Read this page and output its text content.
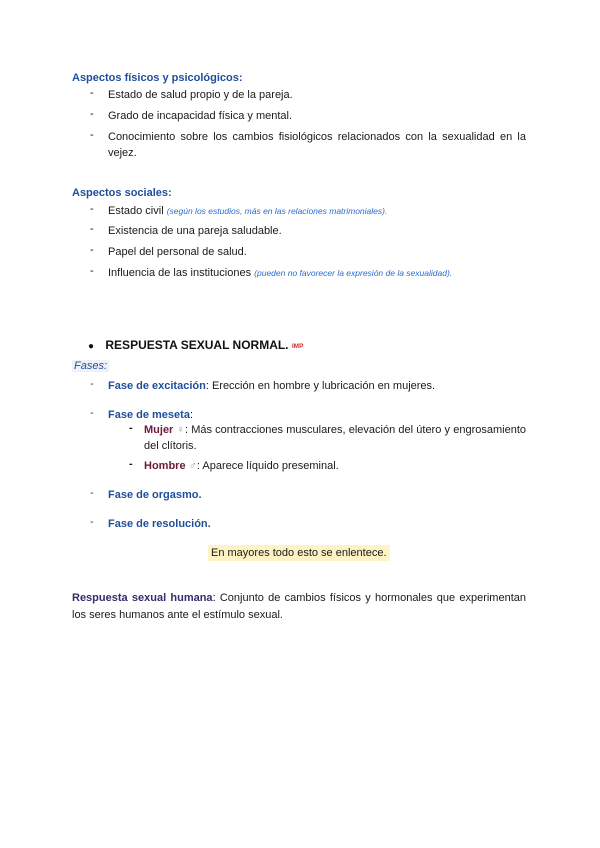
Aspectos físicos y psicológicos:
- Estado de salud propio y de la pareja.
- Grado de incapacidad física y mental.
- Conocimiento sobre los cambios fisiológicos relacionados con la sexualidad en la vejez.
Aspectos sociales:
- Estado civil (según los estudios, más en las relaciones matrimoniales).
- Existencia de una pareja saludable.
- Papel del personal de salud.
- Influencia de las instituciones (pueden no favorecer la expresión de la sexualidad).
● RESPUESTA SEXUAL NORMAL. IMP
Fases:
- Fase de excitación: Erección en hombre y lubricación en mujeres.
- Fase de meseta:
- Mujer ♀: Más contracciones musculares, elevación del útero y engrosamiento del clítoris.
- Hombre ♂: Aparece líquido preseminal.
- Fase de orgasmo.
- Fase de resolución.
En mayores todo esto se enlentece.
Respuesta sexual humana: Conjunto de cambios físicos y hormonales que experimentan los seres humanos ante el estímulo sexual.
